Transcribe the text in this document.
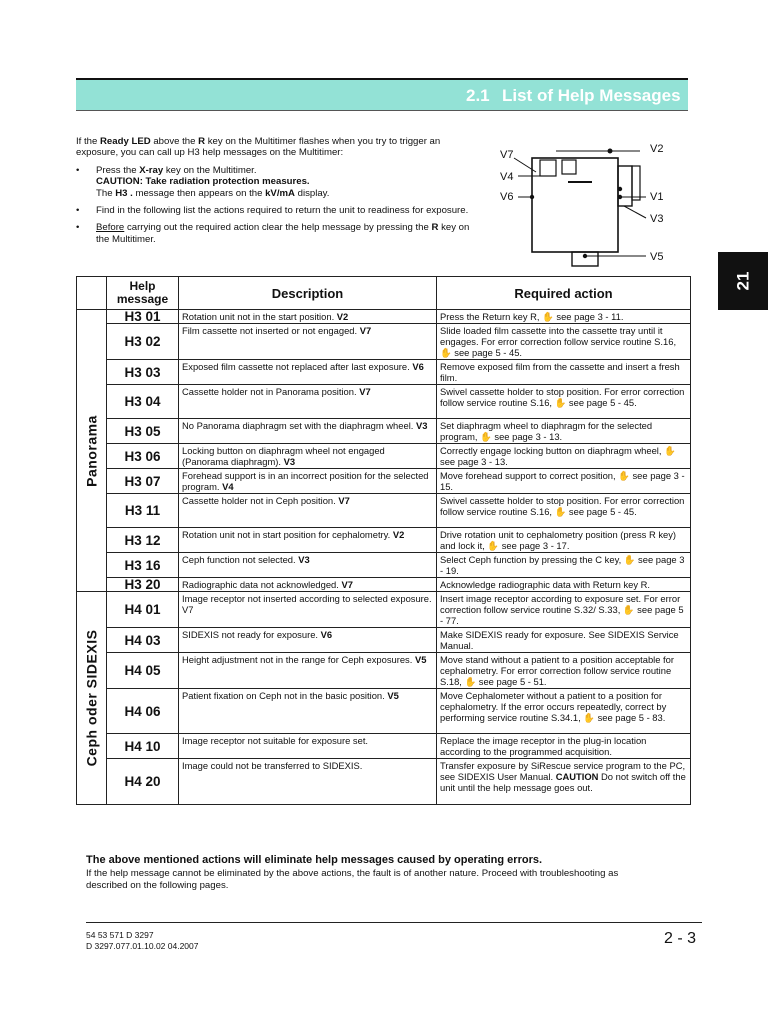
2.1 List of Help Messages
21

If the Ready LED above the R key on the Multitimer flashes when you try to trigger an exposure, you can call up H3 help messages on the Multitimer:

• Press the X-ray key on the Multitimer.
CAUTION: Take radiation protection measures.
The H3 . message then appears on the kV/mA display.

• Find in the following list the actions required to return the unit to readiness for exposure.

• Before carrying out the required action clear the help message by pressing the R key on the Multitimer.

V7
V4
V6
V2
V1
V3
V5
	Help message	Description	Required action

Panorama	H3 01	Rotation unit not in the start position. V2	Press the Return key R, ✋ see page 3 - 11.
	H3 02	Film cassette not inserted or not engaged. V7	Slide loaded film cassette into the cassette tray until it engages. For error correction follow service routine S.16, ✋ see page 5 - 45.
	H3 03	Exposed film cassette not replaced after last exposure. V6	Remove exposed film from the cassette and insert a fresh film.
	H3 04	Cassette holder not in Panorama position. V7	Swivel cassette holder to stop position. For error correction follow service routine S.16, ✋ see page 5 - 45.
	H3 05	No Panorama diaphragm set with the diaphragm wheel. V3	Set diaphragm wheel to diaphragm for the selected program, ✋ see page 3 - 13.
	H3 06	Locking button on diaphragm wheel not engaged (Panorama diaphragm). V3	Correctly engage locking button on diaphragm wheel, ✋ see page 3 - 13.
	H3 07	Forehead support is in an incorrect position for the selected program. V4	Move forehead support to correct position, ✋ see page 3 - 15.
	H3 11	Cassette holder not in Ceph position. V7	Swivel cassette holder to stop position. For error correction follow service routine S.16, ✋ see page 5 - 45.
	H3 12	Rotation unit not in start position for cephalometry. V2	Drive rotation unit to cephalometry position (press R key) and lock it, ✋ see page 3 - 17.
	H3 16	Ceph function not selected. V3	Select Ceph function by pressing the C key, ✋ see page 3 - 19.
	H3 20	Radiographic data not acknowledged. V7	Acknowledge radiographic data with Return key R.

Ceph oder SIDEXIS	H4 01	Image receptor not inserted according to selected exposure. V7	Insert image receptor according to exposure set. For error correction follow service routine S.32/ S.33, ✋ see page 5 - 77.
	H4 03	SIDEXIS not ready for exposure. V6	Make SIDEXIS ready for exposure. See SIDEXIS Service Manual.
	H4 05	Height adjustment not in the range for Ceph exposures. V5	Move stand without a patient to a position acceptable for cephalometry. For error correction follow service routine S.18, ✋ see page 5 - 51.
	H4 06	Patient fixation on Ceph not in the basic position. V5	Move Cephalometer without a patient to a position for cephalometry. If the error occurs repeatedly, correct by performing service routine S.34.1, ✋ see page 5 - 83.
	H4 10	Image receptor not suitable for exposure set.	Replace the image receptor in the plug-in location according to the programmed acquisition.
	H4 20	Image could not be transferred to SIDEXIS.	Transfer exposure by SiRescue service program to the PC, see SIDEXIS User Manual. CAUTION Do not switch off the unit until the help message goes out.
The above mentioned actions will eliminate help messages caused by operating errors.
If the help message cannot be eliminated by the above actions, the fault is of another nature. Proceed with troubleshooting as described on the following pages.
54 53 571 D 3297
D 3297.077.01.10.02 04.2007	2 - 3
